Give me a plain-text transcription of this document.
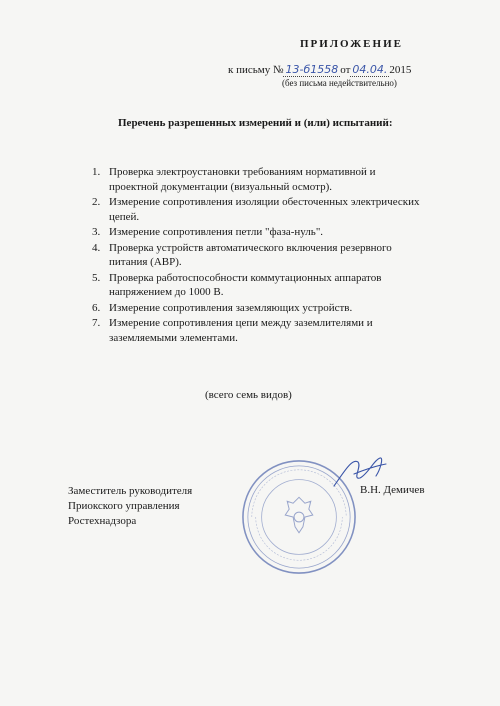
ПРИЛОЖЕНИЕ
к письму № 13-б1558 от 04.04. 2015
(без письма недействительно)
Перечень разрешенных измерений и (или) испытаний:
1. Проверка электроустановки требованиям нормативной и
проектной документации (визуальный осмотр).
2. Измерение сопротивления изоляции обесточенных электрических
цепей.
3. Измерение сопротивления петли "фаза-нуль".
4. Проверка устройств автоматического включения резервного
питания (АВР).
5. Проверка работоспособности коммутационных аппаратов
напряжением до 1000 В.
6. Измерение сопротивления заземляющих устройств.
7. Измерение сопротивления цепи между заземлителями и
заземляемыми элементами.
(всего семь видов)
Заместитель руководителя
Приокского управления
Ростехнадзора
В.Н. Демичев
